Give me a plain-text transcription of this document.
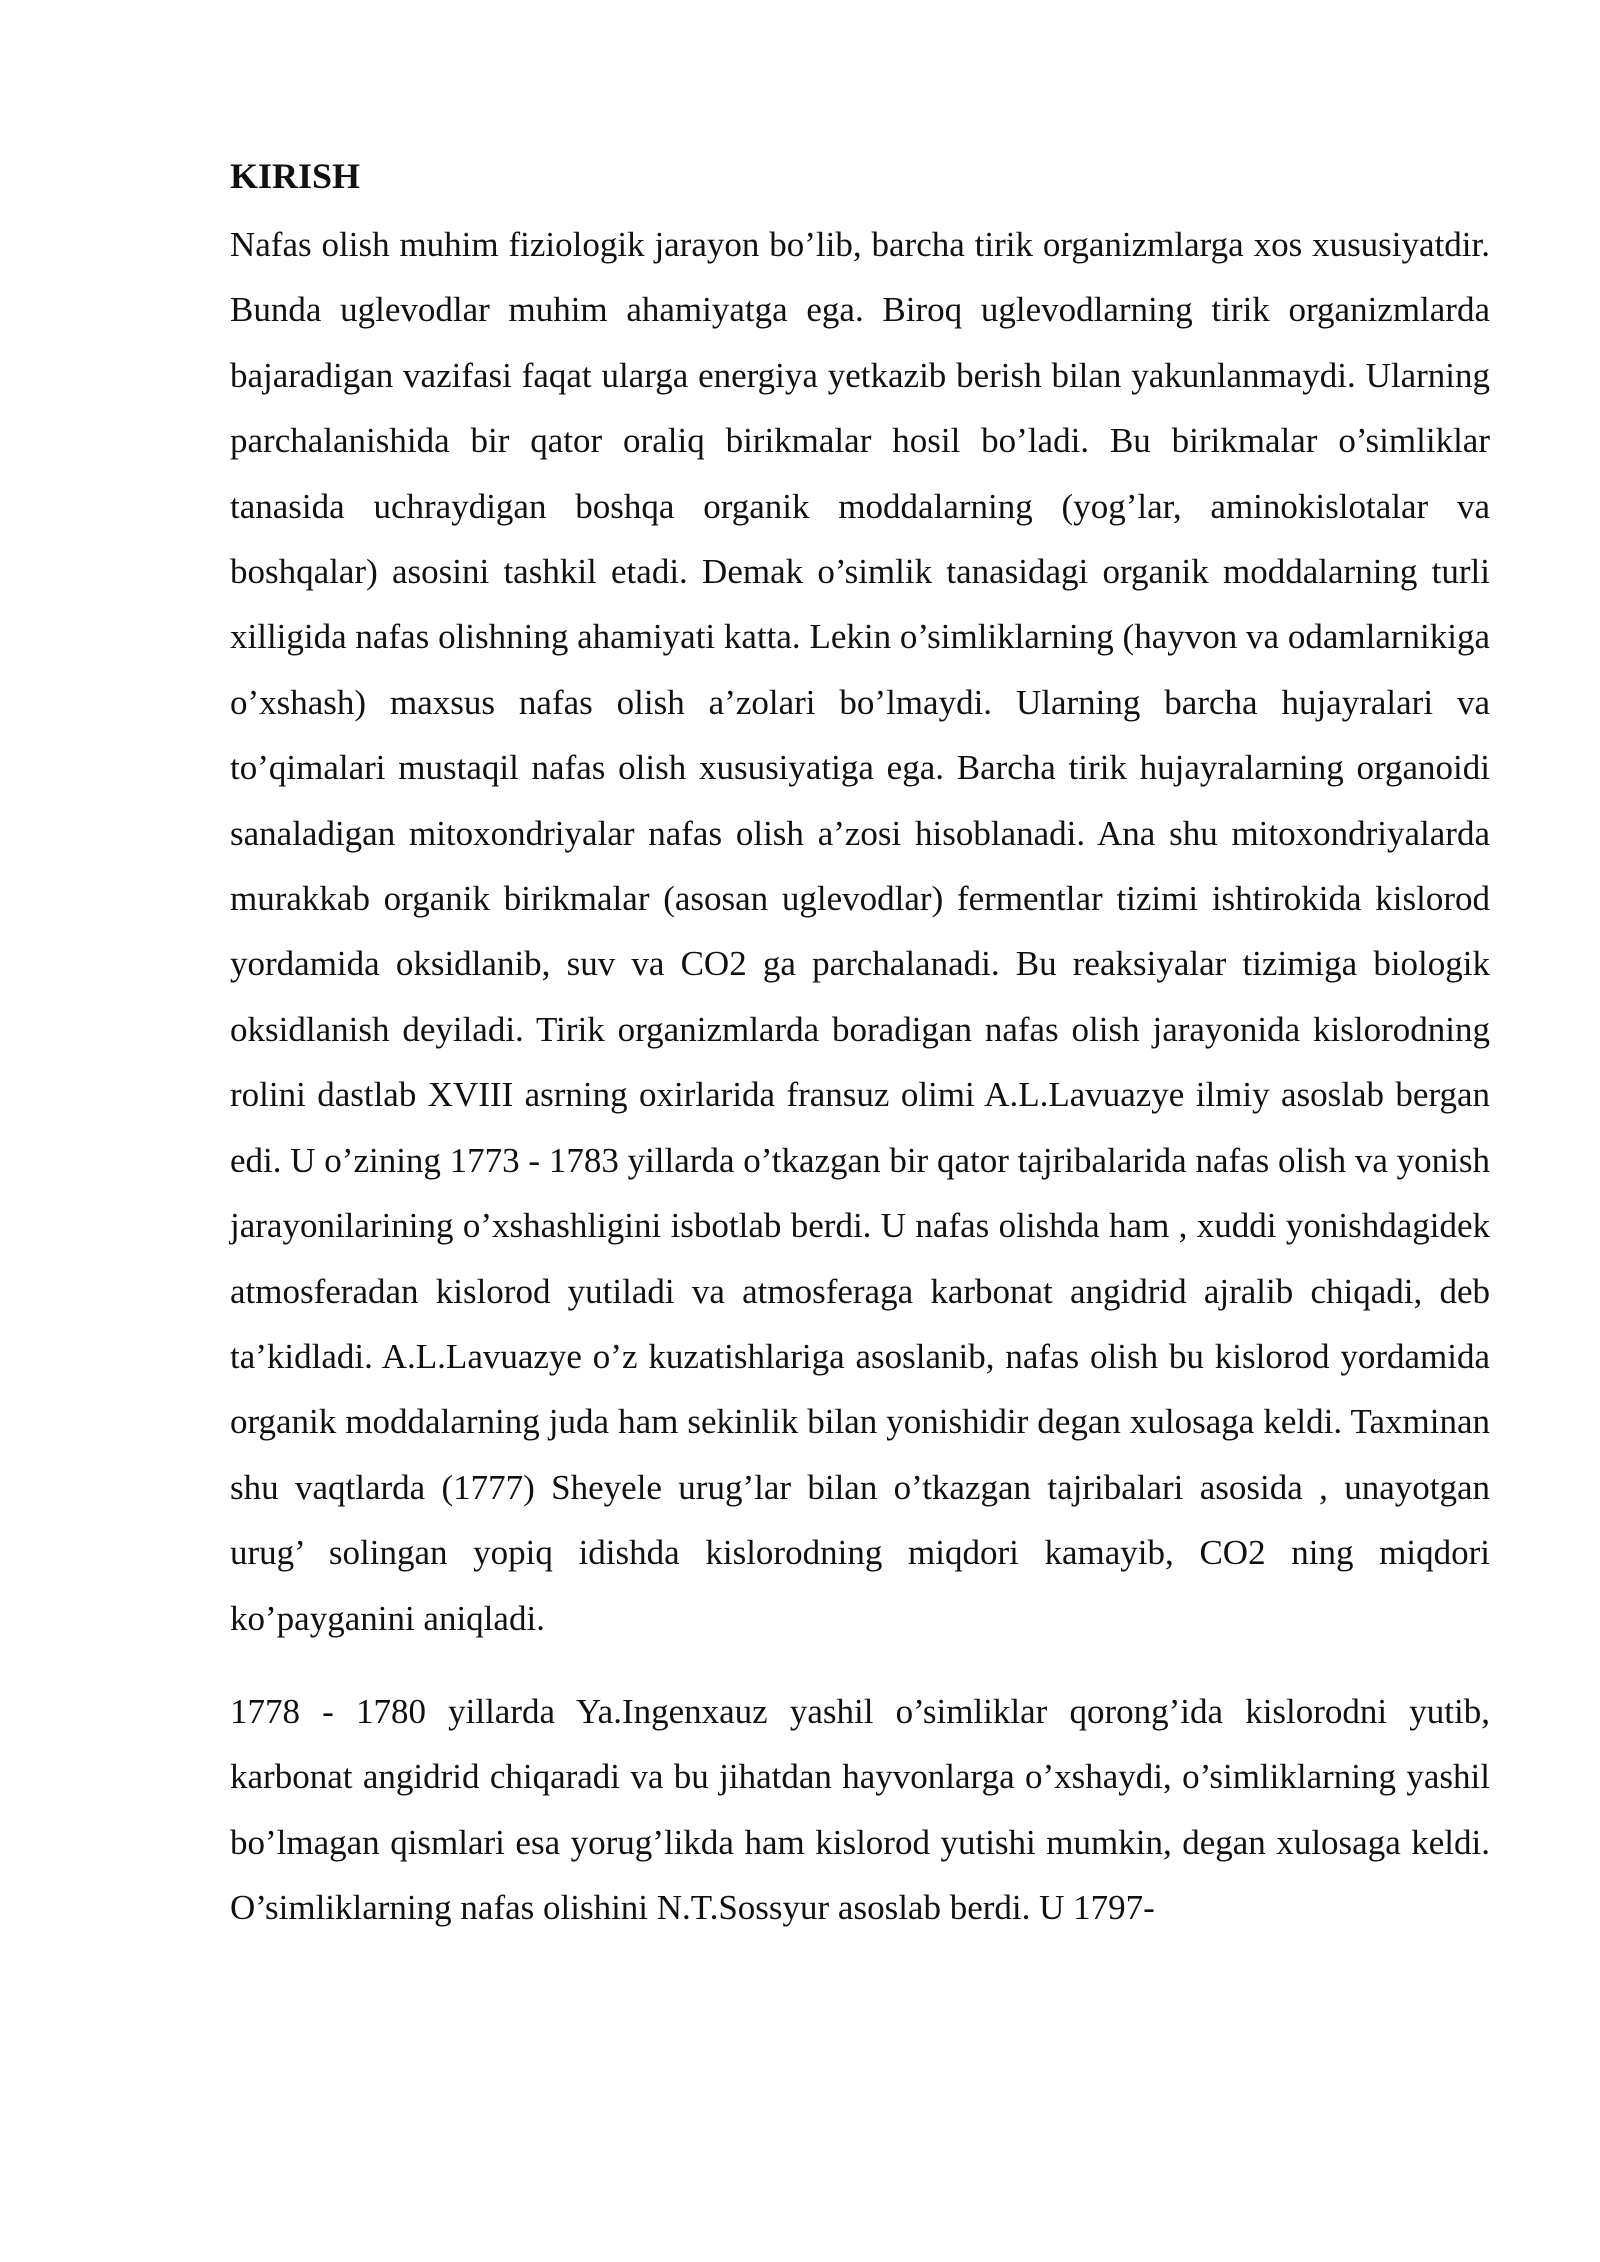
KIRISH

Nafas olish muhim fiziologik jarayon bo’lib, barcha tirik organizmlarga xos xususiyatdir. Bunda uglevodlar muhim ahamiyatga ega. Biroq uglevodlarning tirik organizmlarda bajaradigan vazifasi faqat ularga energiya yetkazib berish bilan yakunlanmaydi. Ularning parchalanishida bir qator oraliq birikmalar hosil bo’ladi. Bu birikmalar o’simliklar tanasida uchraydigan boshqa organik moddalarning (yog’lar, aminokislotalar va boshqalar) asosini tashkil etadi. Demak o’simlik tanasidagi organik moddalarning turli xilligida nafas olishning ahamiyati katta. Lekin o’simliklarning (hayvon va odamlarnikiga o’xshash) maxsus nafas olish a’zolari bo’lmaydi. Ularning barcha hujayralari va to’qimalari mustaqil nafas olish xususiyatiga ega. Barcha tirik hujayralarning organoidi sanaladigan mitoxondriyalar nafas olish a’zosi hisoblanadi. Ana shu mitoxondriyalarda murakkab organik birikmalar (asosan uglevodlar) fermentlar tizimi ishtirokida kislorod yordamida oksidlanib, suv va CO2 ga parchalanadi. Bu reaksiyalar tizimiga biologik oksidlanish deyiladi. Tirik organizmlarda boradigan nafas olish jarayonida kislorodning rolini dastlab XVIII asrning oxirlarida fransuz olimi A.L.Lavuazye ilmiy asoslab bergan edi. U o’zining 1773 - 1783 yillarda o’tkazgan bir qator tajribalarida nafas olish va yonish jarayonilarining o’xshashligini isbotlab berdi. U nafas olishda ham , xuddi yonishdagidek atmosferadan kislorod yutiladi va atmosferaga karbonat angidrid ajralib chiqadi, deb ta’kidladi. A.L.Lavuazye o’z kuzatishlariga asoslanib, nafas olish bu kislorod yordamida organik moddalarning juda ham sekinlik bilan yonishidir degan xulosaga keldi. Taxminan shu vaqtlarda (1777) Sheyele urug’lar bilan o’tkazgan tajribalari asosida , unayotgan urug’ solingan yopiq idishda kislorodning miqdori kamayib, CO2 ning miqdori ko’payganini aniqladi.

1778 - 1780 yillarda Ya.Ingenxauz yashil o’simliklar qorong’ida kislorodni yutib, karbonat angidrid chiqaradi va bu jihatdan hayvonlarga o’xshaydi, o’simliklarning yashil bo’lmagan qismlari esa yorug’likda ham kislorod yutishi mumkin, degan xulosaga keldi. O’simliklarning nafas olishini N.T.Sossyur asoslab berdi. U 1797-
